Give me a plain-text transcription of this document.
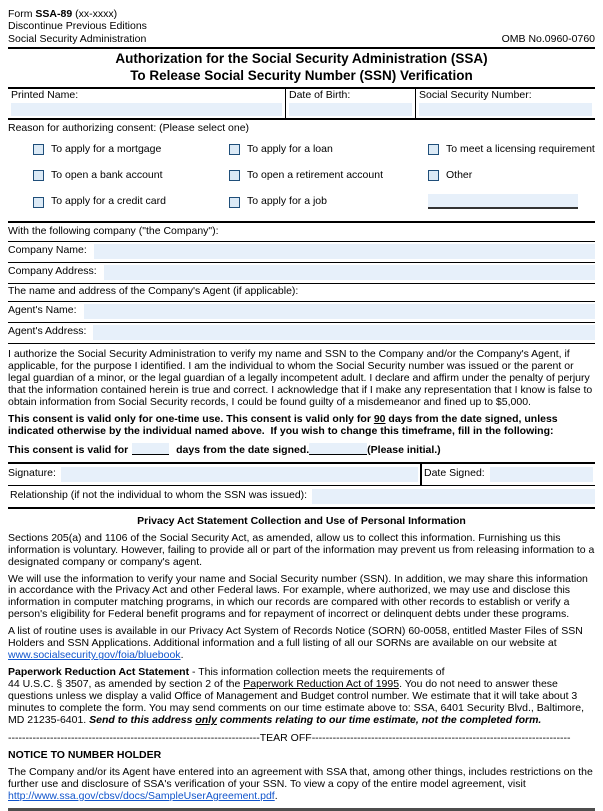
Form SSA-89 (xx-xxxx)
Discontinue Previous Editions
Social Security Administration	OMB No.0960-0760
Authorization for the Social Security Administration (SSA)
To Release Social Security Number (SSN) Verification
Printed Name:	Date of Birth:	Social Security Number:
Reason for authorizing consent: (Please select one)
To apply for a mortgage	To apply for a loan	To meet a licensing requirement
To open a bank account	To open a retirement account	Other
To apply for a credit card	To apply for a job
With the following company ("the Company"):
Company Name:
Company Address:
The name and address of the Company's Agent (if applicable):
Agent's Name:
Agent's Address:

I authorize the Social Security Administration to verify my name and SSN to the Company and/or the Company's Agent, if applicable, for the purpose I identified. I am the individual to whom the Social Security number was issued or the parent or legal guardian of a minor, or the legal guardian of a legally incompetent adult. I declare and affirm under the penalty of perjury that the information contained herein is true and correct. I acknowledge that if I make any representation that I know is false to obtain information from Social Security records, I could be found guilty of a misdemeanor and fined up to $5,000.

This consent is valid only for one-time use. This consent is valid only for 90 days from the date signed, unless indicated otherwise by the individual named above.  If you wish to change this timeframe, fill in the following:

This consent is valid for	days from the date signed.	(Please initial.)
Signature:	Date Signed:
Relationship (if not the individual to whom the SSN was issued):
Privacy Act Statement Collection and Use of Personal Information

Sections 205(a) and 1106 of the Social Security Act, as amended, allow us to collect this information. Furnishing us this information is voluntary. However, failing to provide all or part of the information may prevent us from releasing information to a designated company or company's agent.

We will use the information to verify your name and Social Security number (SSN). In addition, we may share this information in accordance with the Privacy Act and other Federal laws. For example, where authorized, we may use and disclose this information in computer matching programs, in which our records are compared with other records to establish or verify a person's eligibility for Federal benefit programs and for repayment of incorrect or delinquent debts under these programs.

A list of routine uses is available in our Privacy Act System of Records Notice (SORN) 60-0058, entitled Master Files of SSN Holders and SSN Applications. Additional information and a full listing of all our SORNs are available on our website at www.socialsecurity.gov/foia/bluebook.

Paperwork Reduction Act Statement - This information collection meets the requirements of
44 U.S.C. § 3507, as amended by section 2 of the Paperwork Reduction Act of 1995. You do not need to answer these questions unless we display a valid Office of Management and Budget control number. We estimate that it will take about 3 minutes to complete the form. You may send comments on our time estimate above to: SSA, 6401 Security Blvd., Baltimore, MD 21235-6401. Send to this address only comments relating to our time estimate, not the completed form.

------------------------------------------------------------------------TEAR OFF--------------------------------------------------------------------------
NOTICE TO NUMBER HOLDER

The Company and/or its Agent have entered into an agreement with SSA that, among other things, includes restrictions on the further use and disclosure of SSA's verification of your SSN. To view a copy of the entire model agreement, visit http://www.ssa.gov/cbsv/docs/SampleUserAgreement.pdf.
